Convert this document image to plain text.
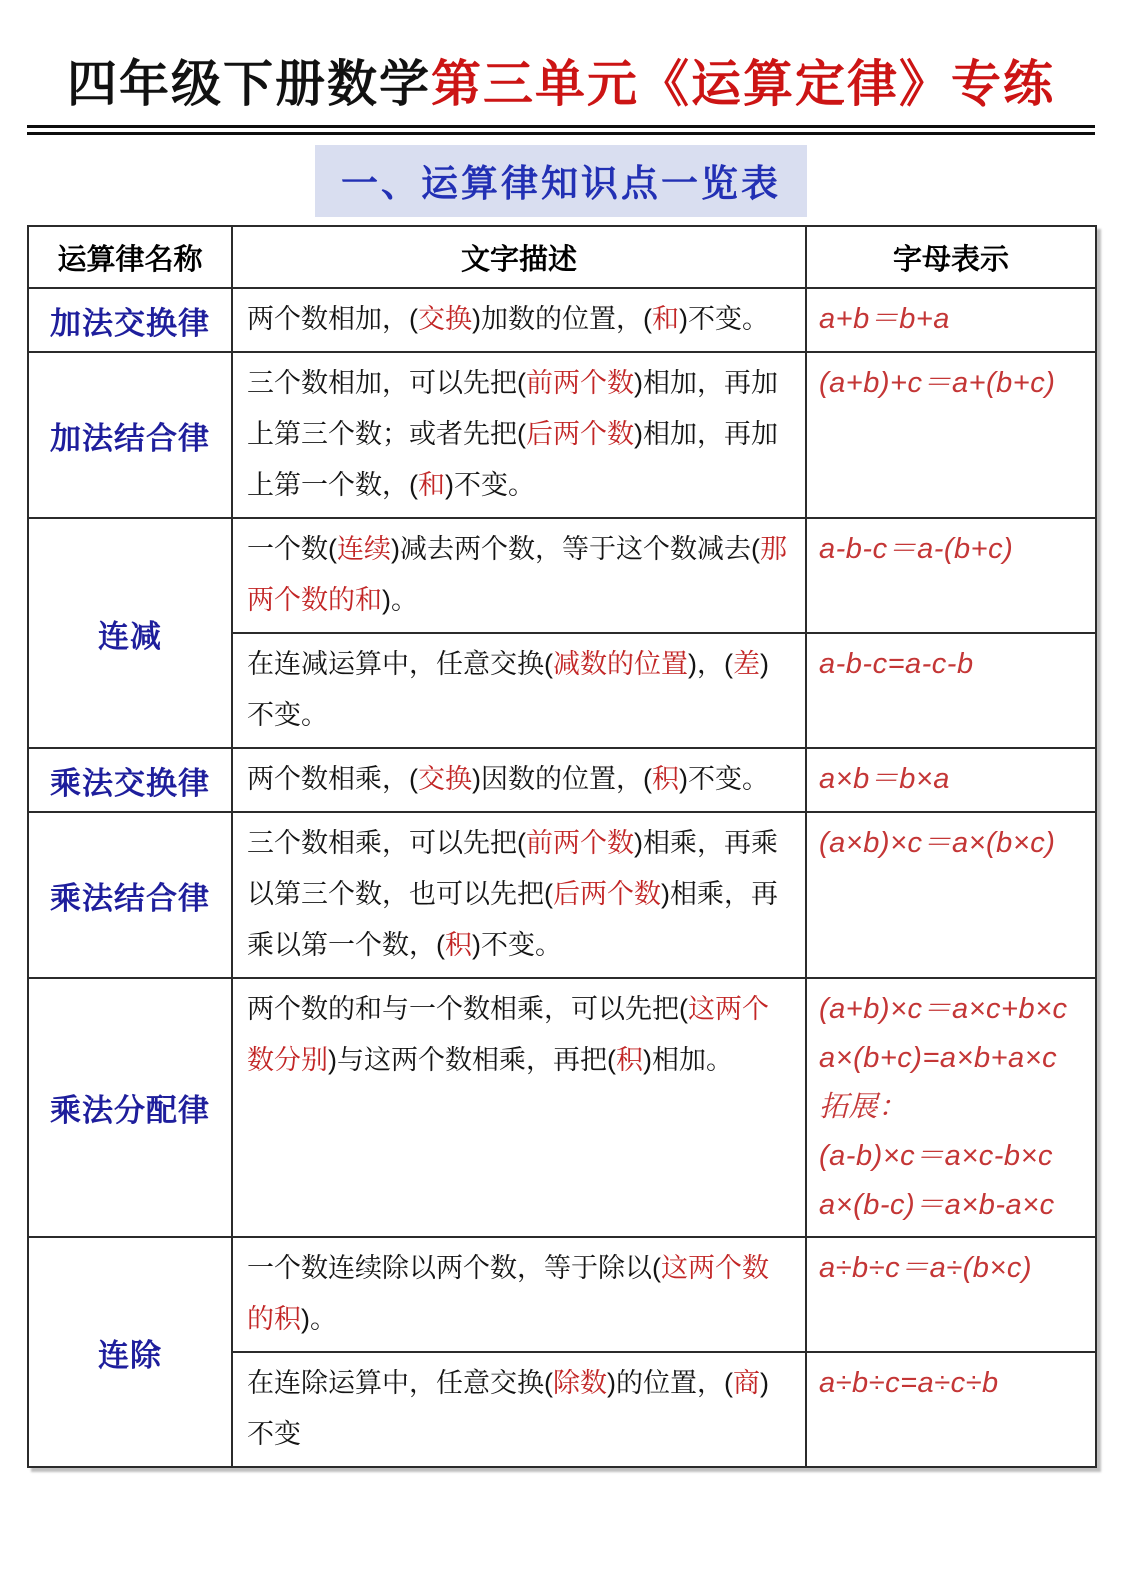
四年级下册数学第三单元《运算定律》专练
一、运算律知识点一览表
运算律名称	文字描述	字母表示
加法交换律	两个数相加，(交换)加数的位置，(和)不变。	a+b＝b+a

加法结合律	三个数相加，可以先把(前两个数)相加，再加上第三个数；或者先把(后两个数)相加，再加上第一个数，(和)不变。	(a+b)+c＝a+(b+c)

连减	一个数(连续)减去两个数，等于这个数减去(那两个数的和)。	a-b-c＝a-(b+c)

	在连减运算中，任意交换(减数的位置)，(差)不变。	a-b-c=a-c-b

乘法交换律	两个数相乘，(交换)因数的位置，(积)不变。	a×b＝b×a

乘法结合律	三个数相乘，可以先把(前两个数)相乘，再乘以第三个数，也可以先把(后两个数)相乘，再乘以第一个数，(积)不变。	(a×b)×c＝a×(b×c)

乘法分配律	两个数的和与一个数相乘，可以先把(这两个数分别)与这两个数相乘，再把(积)相加。	(a+b)×c＝a×c+b×c
a×(b+c)=a×b+a×c
拓展：
(a-b)×c＝a×c-b×c
a×(b-c)＝a×b-a×c

连除	一个数连续除以两个数，等于除以(这两个数的积)。	a÷b÷c＝a÷(b×c)

	在连除运算中，任意交换(除数)的位置，(商)不变	a÷b÷c=a÷c÷b
